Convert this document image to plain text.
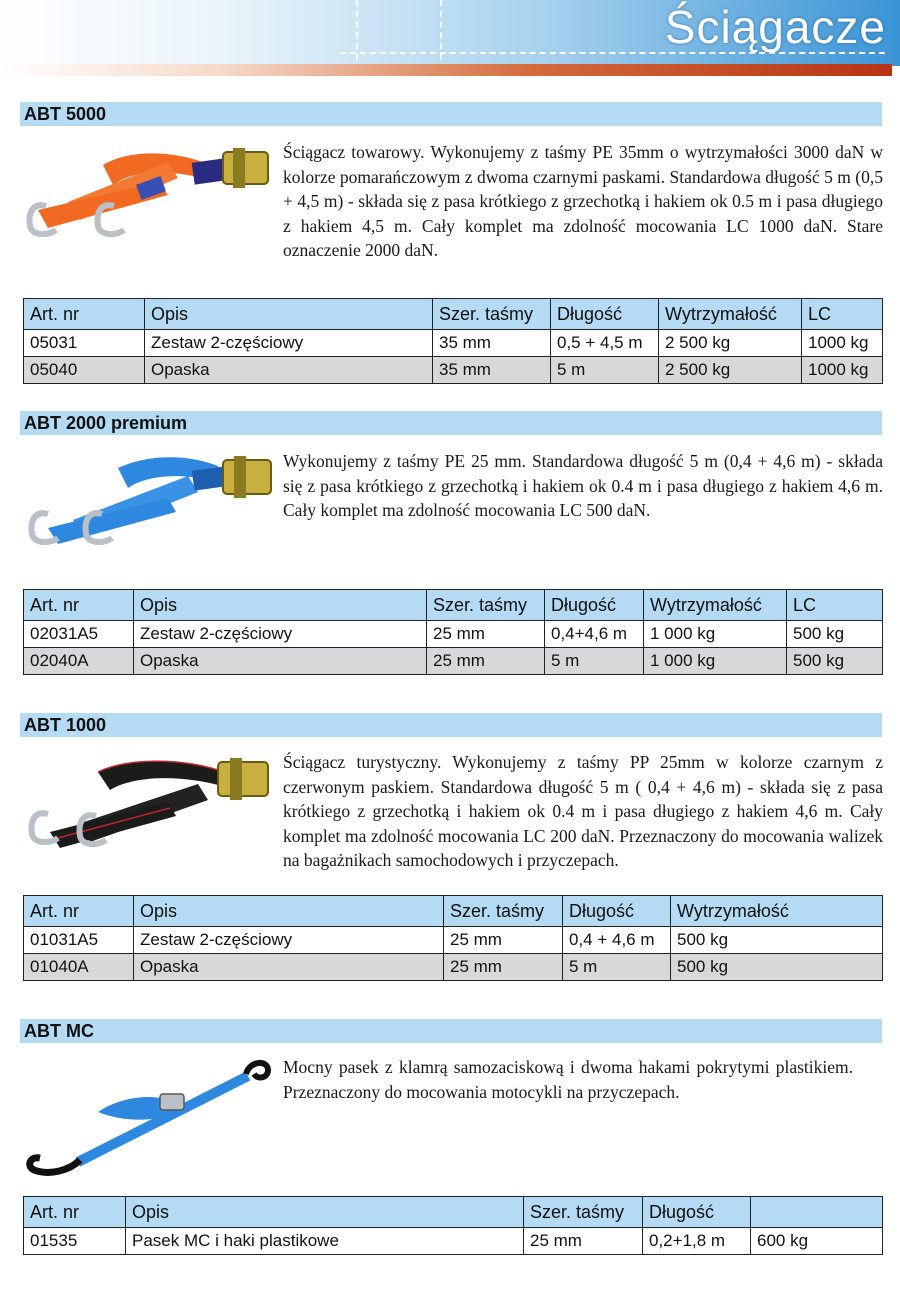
Ściągacze
ABT 5000
Ściągacz towarowy. Wykonujemy z taśmy PE 35mm o wytrzymałości 3000 daN w kolorze pomarańczowym z dwoma czarnymi paskami. Standardowa długość 5 m (0,5 + 4,5 m) - składa się z pasa krótkiego z grzechotką i hakiem ok 0.5 m i pasa długiego z hakiem 4,5 m. Cały komplet ma zdolność mocowania LC 1000 daN. Stare oznaczenie 2000 daN.
Art. nr	Opis	Szer. taśmy	Długość	Wytrzymałość	LC
05031	Zestaw 2-częściowy	35 mm	0,5 + 4,5 m	2 500 kg	1000 kg
05040	Opaska	35 mm	5 m	2 500 kg	1000 kg
ABT 2000 premium
Wykonujemy z taśmy PE 25 mm. Standardowa długość 5 m (0,4 + 4,6 m) - składa się z pasa krótkiego z grzechotką i hakiem ok 0.4 m i pasa długiego z hakiem 4,6 m. Cały komplet ma zdolność mocowania LC 500 daN.
Art. nr	Opis	Szer. taśmy	Długość	Wytrzymałość	LC
02031A5	Zestaw 2-częściowy	25 mm	0,4+4,6 m	1 000 kg	500 kg
02040A	Opaska	25 mm	5 m	1 000 kg	500 kg
ABT 1000
Ściągacz turystyczny. Wykonujemy z taśmy PP 25mm w kolorze czarnym z czerwonym paskiem. Standardowa długość 5 m ( 0,4 + 4,6 m) - składa się z pasa krótkiego z grzechotką i hakiem ok 0.4 m i pasa długiego z hakiem 4,6 m. Cały komplet ma zdolność mocowania LC 200 daN. Przeznaczony do mocowania walizek na bagażnikach samochodowych i przyczepach.
Art. nr	Opis	Szer. taśmy	Długość	Wytrzymałość
01031A5	Zestaw 2-częściowy	25 mm	0,4 + 4,6 m	500 kg
01040A	Opaska	25 mm	5 m	500 kg
ABT MC
Mocny pasek z klamrą samozaciskową i dwoma hakami pokrytymi plastikiem. Przeznaczony do mocowania motocykli na przyczepach.
Art. nr	Opis	Szer. taśmy	Długość	
01535	Pasek MC i haki plastikowe	25 mm	0,2+1,8 m	600 kg
